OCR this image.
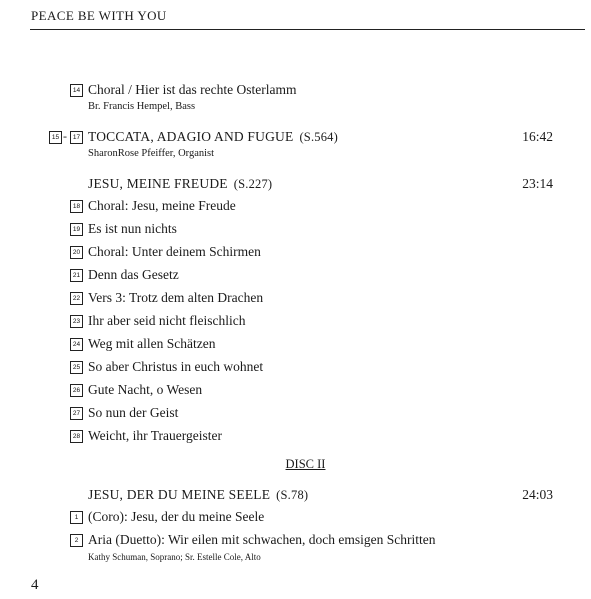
PEACE BE WITH YOU
14 Choral / Hier ist das rechte Osterlamm
Br. Francis Hempel, Bass
15 - 17 TOCCATA, ADAGIO AND FUGUE (S.564)	16:42
SharonRose Pfeiffer, Organist
JESU, MEINE FREUDE (S.227)	23:14
18 Choral: Jesu, meine Freude
19 Es ist nun nichts
20 Choral: Unter deinem Schirmen
21 Denn das Gesetz
22 Vers 3: Trotz dem alten Drachen
23 Ihr aber seid nicht fleischlich
24 Weg mit allen Schätzen
25 So aber Christus in euch wohnet
26 Gute Nacht, o Wesen
27 So nun der Geist
28 Weicht, ihr Trauergeister
DISC II
JESU, DER DU MEINE SEELE (S.78)	24:03
1 (Coro): Jesu, der du meine Seele
2 Aria (Duetto): Wir eilen mit schwachen, doch emsigen Schritten
Kathy Schuman, Soprano; Sr. Estelle Cole, Alto
4
